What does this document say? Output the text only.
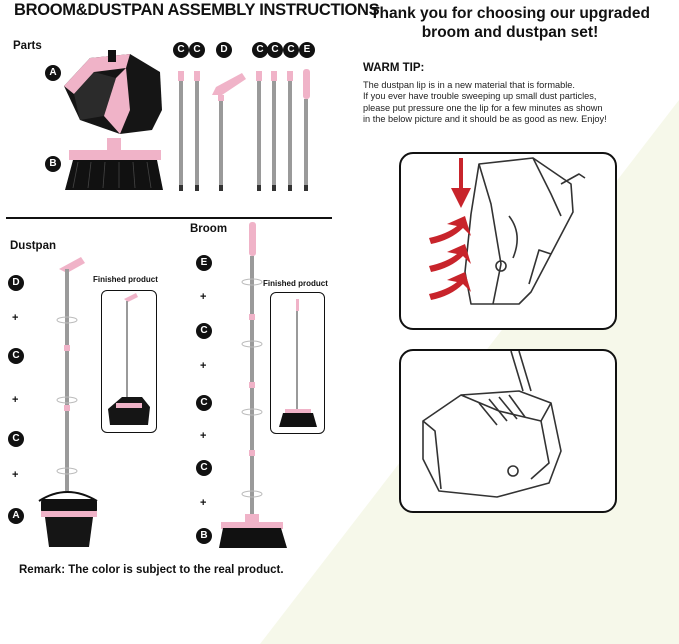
BROOM&DUSTPAN ASSEMBLY INSTRUCTIONS
Thank you for choosing our upgraded
broom and dustpan set!
Parts
A
B
C C	D	C C C E
Dustpan
D
+
C
+
C
+
A
Finished product
Broom
E
+
C
+
C
+
C
+
B
Finished product
Remark: The color is subject to the real product.
WARM TIP:
The dustpan lip is in a new material that is formable.
If you ever have trouble sweeping up small dust particles,
please put pressure one the lip for a few minutes as shown
in the below picture and it should be as good as new. Enjoy!
